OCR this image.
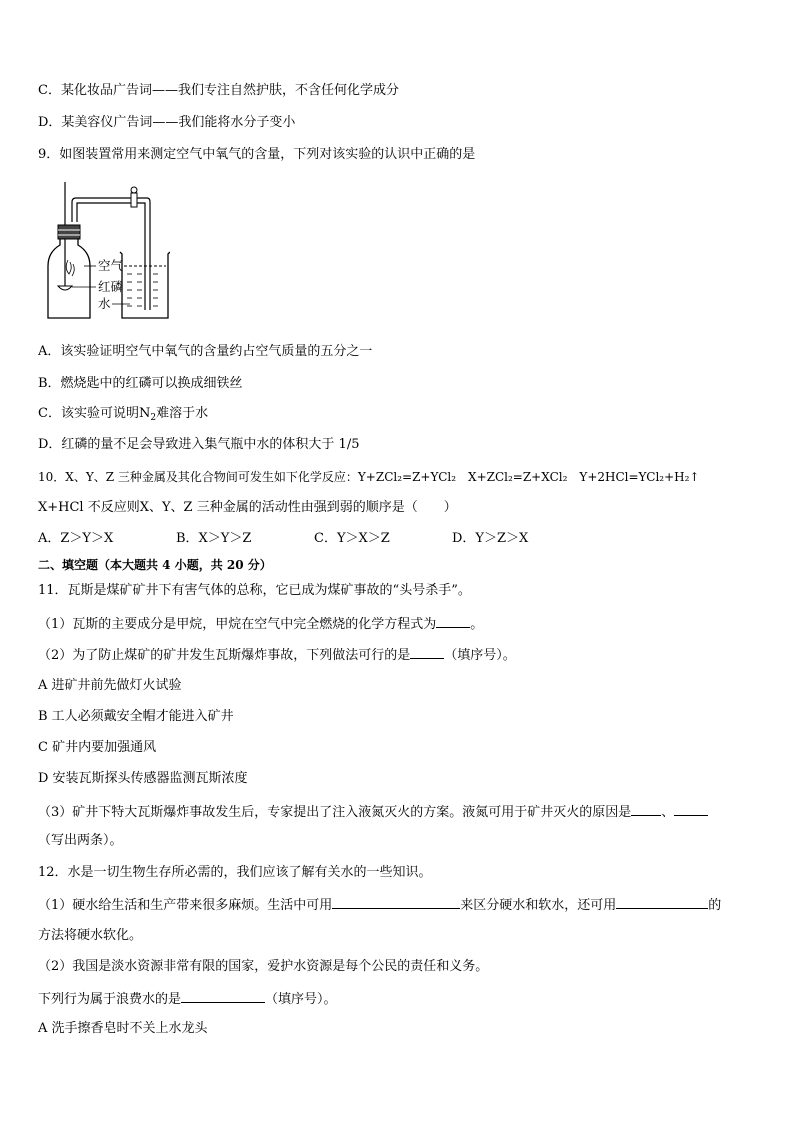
C．某化妆品广告词——我们专注自然护肤，不含任何化学成分
D．某美容仪广告词——我们能将水分子变小
9．如图装置常用来测定空气中氧气的含量，下列对该实验的认识中正确的是
空气
红磷
水
A．该实验证明空气中氧气的含量约占空气质量的五分之一
B．燃烧匙中的红磷可以换成细铁丝
C．该实验可说明$N_2$难溶于水
D．红磷的量不足会导致进入集气瓶中水的体积大于 1/5
10．X、Y、Z 三种金属及其化合物间可发生如下化学反应：Y+ZCl₂=Z+YCl₂　X+ZCl₂=Z+XCl₂　Y+2HCl=YCl₂+H₂↑
X+HCl 不反应则X、Y、Z 三种金属的活动性由强到弱的顺序是（　　）
A．Z＞Y＞X	B．X＞Y＞Z	C．Y＞X＞Z	D．Y＞Z＞X
二、填空题（本大题共 4 小题，共 20 分）
11．瓦斯是煤矿矿井下有害气体的总称，它已成为煤矿事故的“头号杀手”。
（1）瓦斯的主要成分是甲烷，甲烷在空气中完全燃烧的化学方程式为	。
（2）为了防止煤矿的矿井发生瓦斯爆炸事故，下列做法可行的是	（填序号）。
A 进矿井前先做灯火试验
B 工人必须戴安全帽才能进入矿井
C 矿井内要加强通风
D 安装瓦斯探头传感器监测瓦斯浓度
（3）矿井下特大瓦斯爆炸事故发生后，专家提出了注入液氮灭火的方案。液氮可用于矿井灭火的原因是 、
（写出两条）。
12．水是一切生物生存所必需的，我们应该了解有关水的一些知识。
（1）硬水给生活和生产带来很多麻烦。生活中可用	来区分硬水和软水，还可用	的
方法将硬水软化。
（2）我国是淡水资源非常有限的国家，爱护水资源是每个公民的责任和义务。
下列行为属于浪费水的是	（填序号）。
A 洗手擦香皂时不关上水龙头
